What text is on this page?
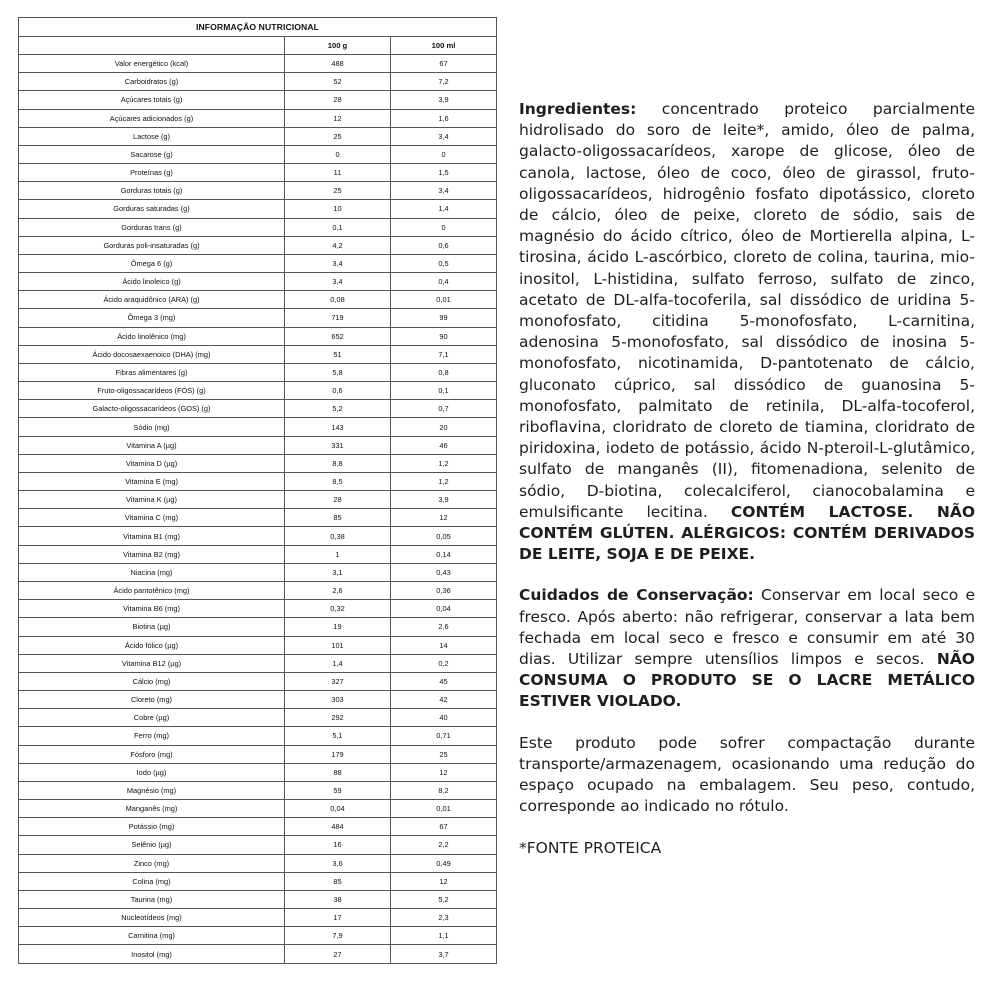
INFORMAÇÃO NUTRICIONAL		
	100 g	100 ml
Valor energético (kcal)	488	67
Carboidratos (g)	52	7,2
Açúcares totais (g)	28	3,9
Açúcares adicionados (g)	12	1,6
Lactose (g)	25	3,4
Sacarose (g)	0	0
Proteínas (g)	11	1,5
Gorduras totais (g)	25	3,4
Gorduras saturadas (g)	10	1,4
Gorduras trans (g)	0,1	0
Gorduras poli-insaturadas (g)	4,2	0,6
Ômega 6 (g)	3,4	0,5
Ácido linoleico (g)	3,4	0,4
Ácido araquidônico (ARA) (g)	0,08	0,01
Ômega 3 (mg)	719	99
Ácido linolênico (mg)	652	90
Ácido docosaexaenoico (DHA) (mg)	51	7,1
Fibras alimentares (g)	5,8	0,8
Fruto-oligossacarídeos (FOS) (g)	0,6	0,1
Galacto-oligossacarídeos (GOS) (g)	5,2	0,7
Sódio (mg)	143	20
Vitamina A (µg)	331	46
Vitamina D (µg)	8,8	1,2
Vitamina E (mg)	8,5	1,2
Vitamina K (µg)	28	3,9
Vitamina C (mg)	85	12
Vitamina B1 (mg)	0,38	0,05
Vitamina B2 (mg)	1	0,14
Niacina (mg)	3,1	0,43
Ácido pantotênico (mg)	2,6	0,36
Vitamina B6 (mg)	0,32	0,04
Biotina (µg)	19	2,6
Ácido fólico (µg)	101	14
Vitamina B12 (µg)	1,4	0,2
Cálcio (mg)	327	45
Cloreto (mg)	303	42
Cobre (µg)	292	40
Ferro (mg)	5,1	0,71
Fósforo (mg)	179	25
Iodo (µg)	88	12
Magnésio (mg)	59	8,2
Manganês (mg)	0,04	0,01
Potássio (mg)	484	67
Selênio (µg)	16	2,2
Zinco (mg)	3,6	0,49
Colina (mg)	85	12
Taurina (mg)	38	5,2
Nucleotídeos (mg)	17	2,3
Carnitina (mg)	7,9	1,1
Inositol (mg)	27	3,7

Ingredientes: concentrado proteico parcialmente hidrolisado do soro de leite*, amido, óleo de palma, galacto-oligossacarídeos, xarope de glicose, óleo de canola, lactose, óleo de coco, óleo de girassol, fruto-oligossacarídeos, hidrogênio fosfato dipotássico, cloreto de cálcio, óleo de peixe, cloreto de sódio, sais de magnésio do ácido cítrico, óleo de Mortierella alpina, L-tirosina, ácido L-ascórbico, cloreto de colina, taurina, mio-inositol, L-histidina, sulfato ferroso, sulfato de zinco, acetato de DL-alfa-tocoferila, sal dissódico de uridina 5-monofosfato, citidina 5-monofosfato, L-carnitina, adenosina 5-monofosfato, sal dissódico de inosina 5-monofosfato, nicotinamida, D-pantotenato de cálcio, gluconato cúprico, sal dissódico de guanosina 5-monofosfato, palmitato de retinila, DL-alfa-tocoferol, riboflavina, cloridrato de cloreto de tiamina, cloridrato de piridoxina, iodeto de potássio, ácido N-pteroil-L-glutâmico, sulfato de manganês (II), fitomenadiona, selenito de sódio, D-biotina, colecalciferol, cianocobalamina e emulsificante lecitina. CONTÉM LACTOSE. NÃO CONTÉM GLÚTEN. ALÉRGICOS: CONTÉM DERIVADOS DE LEITE, SOJA E DE PEIXE.

Cuidados de Conservação: Conservar em local seco e fresco. Após aberto: não refrigerar, conservar a lata bem fechada em local seco e fresco e consumir em até 30 dias. Utilizar sempre utensílios limpos e secos. NÃO CONSUMA O PRODUTO SE O LACRE METÁLICO ESTIVER VIOLADO.

Este produto pode sofrer compactação durante transporte/armazenagem, ocasionando uma redução do espaço ocupado na embalagem. Seu peso, contudo, corresponde ao indicado no rótulo.

*FONTE PROTEICA
